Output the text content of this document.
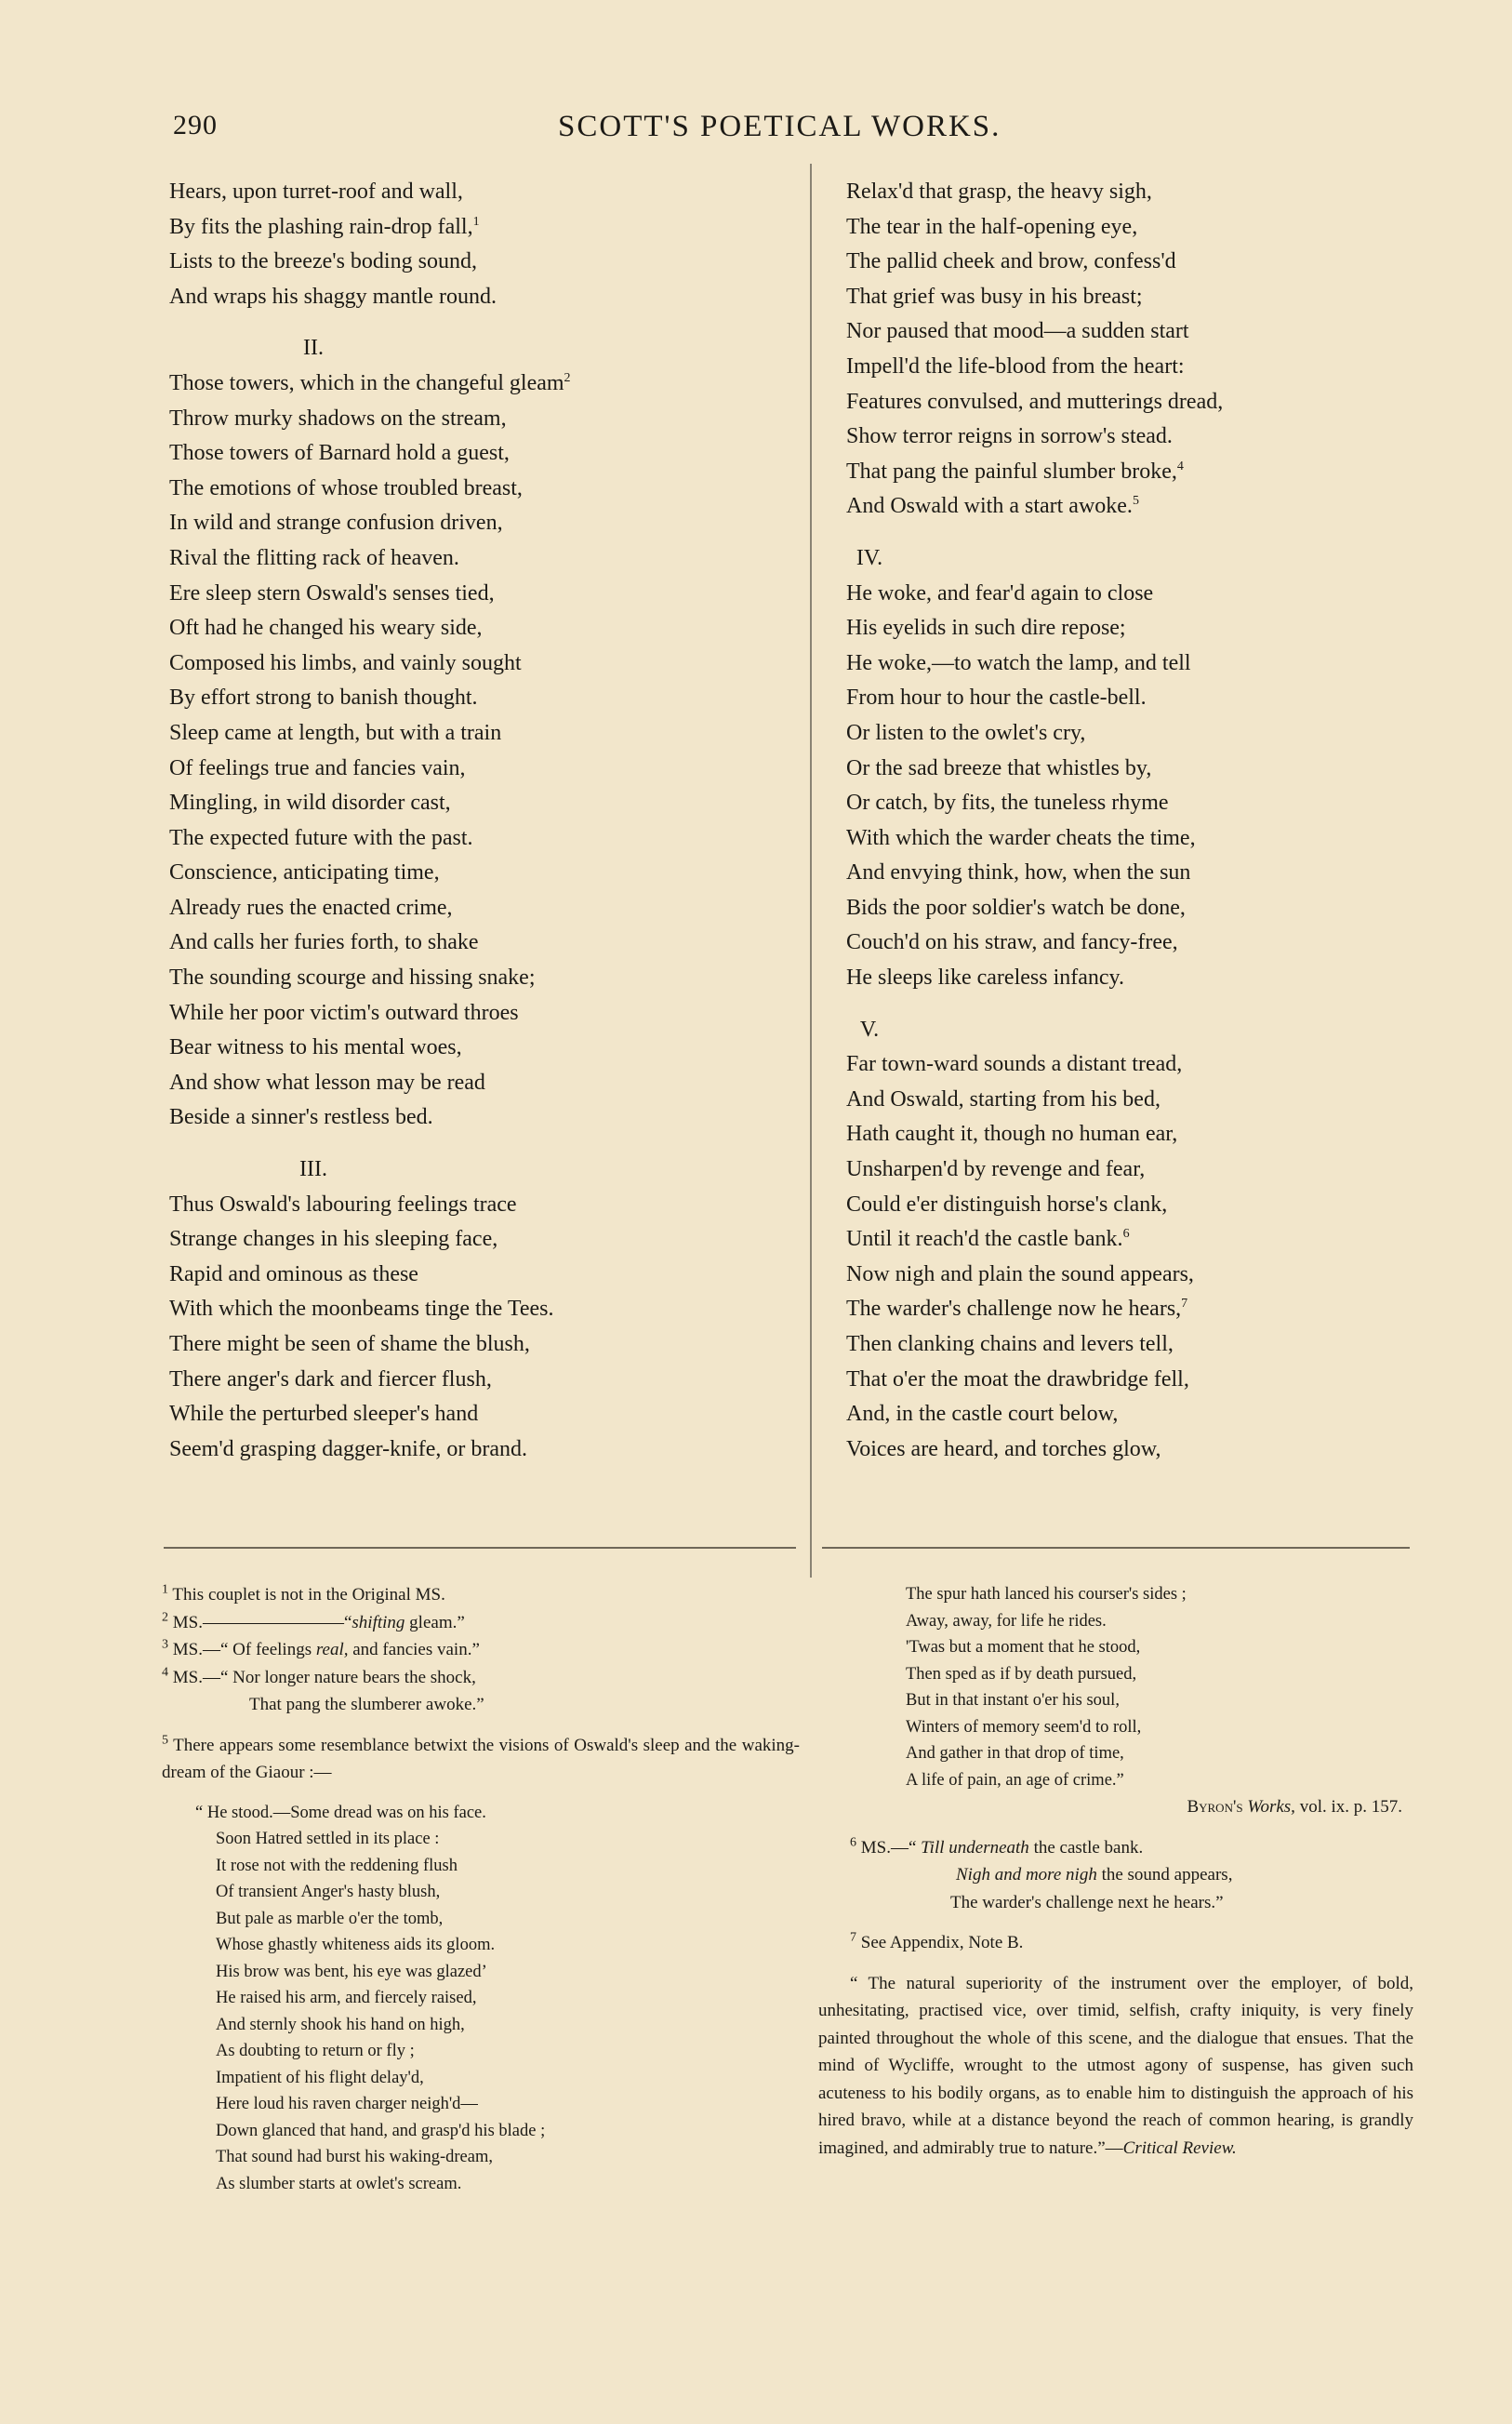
290	SCOTT'S POETICAL WORKS.

Hears, upon turret-roof and wall,

By fits the plashing rain-drop fall,$^1$

Lists to the breeze's boding sound,

And wraps his shaggy mantle round.

II.

Those towers, which in the changeful gleam$^2$

Throw murky shadows on the stream,

Those towers of Barnard hold a guest,

The emotions of whose troubled breast,

In wild and strange confusion driven,

Rival the flitting rack of heaven.

Ere sleep stern Oswald's senses tied,

Oft had he changed his weary side,

Composed his limbs, and vainly sought

By effort strong to banish thought.

Sleep came at length, but with a train

Of feelings true and fancies vain,

Mingling, in wild disorder cast,

The expected future with the past.

Conscience, anticipating time,

Already rues the enacted crime,

And calls her furies forth, to shake

The sounding scourge and hissing snake;

While her poor victim's outward throes

Bear witness to his mental woes,

And show what lesson may be read

Beside a sinner's restless bed.

III.

Thus Oswald's labouring feelings trace

Strange changes in his sleeping face,

Rapid and ominous as these

With which the moonbeams tinge the Tees.

There might be seen of shame the blush,

There anger's dark and fiercer flush,

While the perturbed sleeper's hand

Seem'd grasping dagger-knife, or brand.

Relax'd that grasp, the heavy sigh,

The tear in the half-opening eye,

The pallid cheek and brow, confess'd

That grief was busy in his breast;

Nor paused that mood—a sudden start

Impell'd the life-blood from the heart:

Features convulsed, and mutterings dread,

Show terror reigns in sorrow's stead.

That pang the painful slumber broke,$^4$

And Oswald with a start awoke.$^5$

IV.

He woke, and fear'd again to close

His eyelids in such dire repose;

He woke,—to watch the lamp, and tell

From hour to hour the castle-bell.

Or listen to the owlet's cry,

Or the sad breeze that whistles by,

Or catch, by fits, the tuneless rhyme

With which the warder cheats the time,

And envying think, how, when the sun

Bids the poor soldier's watch be done,

Couch'd on his straw, and fancy-free,

He sleeps like careless infancy.

V.

Far town-ward sounds a distant tread,

And Oswald, starting from his bed,

Hath caught it, though no human ear,

Unsharpen'd by revenge and fear,

Could e'er distinguish horse's clank,

Until it reach'd the castle bank.$^6$

Now nigh and plain the sound appears,

The warder's challenge now he hears,$^7$

Then clanking chains and levers tell,

That o'er the moat the drawbridge fell,

And, in the castle court below,

Voices are heard, and torches glow,

$^1$ This couplet is not in the Original MS.

$^2$ MS.————————“shifting gleam.”

$^3$ MS.—“ Of feelings real, and fancies vain.”

$^4$ MS.—“ Nor longer nature bears the shock,

That pang the slumberer awoke.”

$^5$ There appears some resemblance betwixt the visions of Oswald's sleep and the waking-dream of the Giaour :—

“ He stood.—Some dread was on his face.

Soon Hatred settled in its place :

It rose not with the reddening flush

Of transient Anger's hasty blush,

But pale as marble o'er the tomb,

Whose ghastly whiteness aids its gloom.

His brow was bent, his eye was glazed’

He raised his arm, and fiercely raised,

And sternly shook his hand on high,

As doubting to return or fly ;

Impatient of his flight delay'd,

Here loud his raven charger neigh'd—

Down glanced that hand, and grasp'd his blade ;

That sound had burst his waking-dream,

As slumber starts at owlet's scream.

The spur hath lanced his courser's sides ;

Away, away, for life he rides.

'Twas but a moment that he stood,

Then sped as if by death pursued,

But in that instant o'er his soul,

Winters of memory seem'd to roll,

And gather in that drop of time,

A life of pain, an age of crime.”

Byron's Works, vol. ix. p. 157.

$^6$ MS.—“ Till underneath the castle bank.

Nigh and more nigh the sound appears,

The warder's challenge next he hears.”

$^7$ See Appendix, Note B.

“ The natural superiority of the instrument over the employer, of bold, unhesitating, practised vice, over timid, selfish, crafty iniquity, is very finely painted throughout the whole of this scene, and the dialogue that ensues. That the mind of Wycliffe, wrought to the utmost agony of suspense, has given such acuteness to his bodily organs, as to enable him to distinguish the approach of his hired bravo, while at a distance beyond the reach of common hearing, is grandly imagined, and admirably true to nature.”—Critical Review.
